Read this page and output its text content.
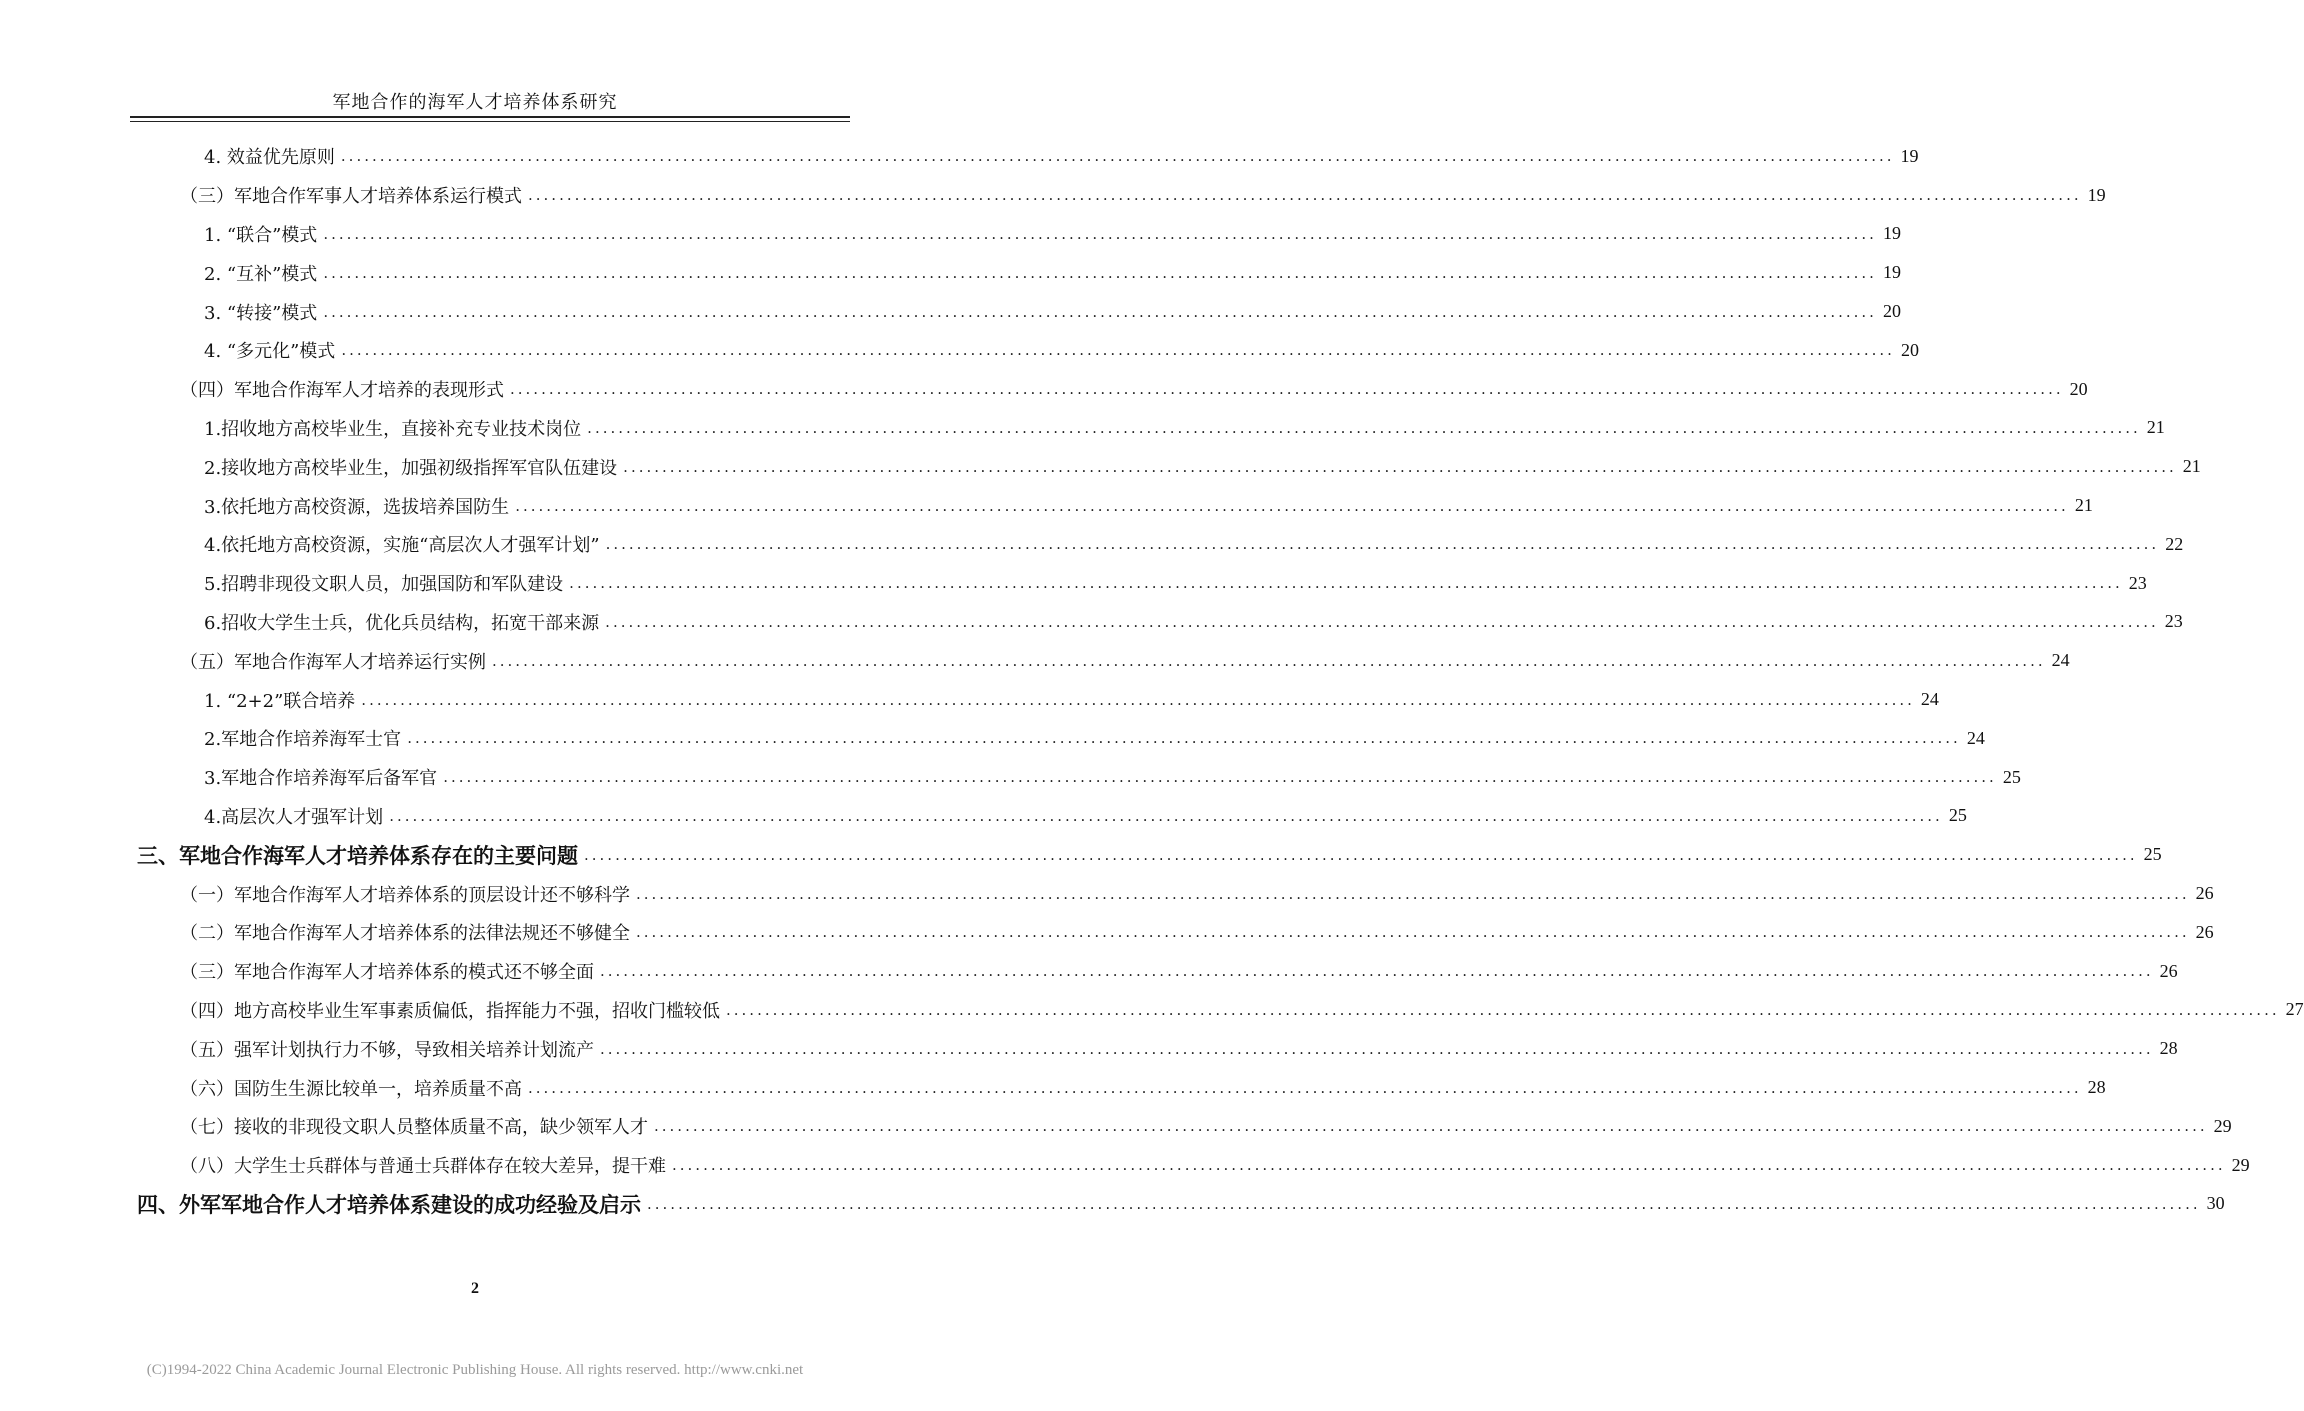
军地合作的海军人才培养体系研究
4. 效益优先原则 ........................................................................................................................................................................................................ 19
（三）军地合作军事人才培养体系运行模式 ........................................................................................................................................................................................................ 19
1. “联合”模式 ........................................................................................................................................................................................................ 19
2. “互补”模式 ........................................................................................................................................................................................................ 19
3. “转接”模式 ........................................................................................................................................................................................................ 20
4. “多元化”模式 ........................................................................................................................................................................................................ 20
（四）军地合作海军人才培养的表现形式 ........................................................................................................................................................................................................ 20
1.招收地方高校毕业生，直接补充专业技术岗位 ........................................................................................................................................................................................................ 21
2.接收地方高校毕业生，加强初级指挥军官队伍建设 ........................................................................................................................................................................................................ 21
3.依托地方高校资源，选拔培养国防生 ........................................................................................................................................................................................................ 21
4.依托地方高校资源，实施“高层次人才强军计划” ........................................................................................................................................................................................................ 22
5.招聘非现役文职人员，加强国防和军队建设 ........................................................................................................................................................................................................ 23
6.招收大学生士兵，优化兵员结构，拓宽干部来源 ........................................................................................................................................................................................................ 23
（五）军地合作海军人才培养运行实例 ........................................................................................................................................................................................................ 24
1. “2+2”联合培养 ........................................................................................................................................................................................................ 24
2.军地合作培养海军士官 ........................................................................................................................................................................................................ 24
3.军地合作培养海军后备军官 ........................................................................................................................................................................................................ 25
4.高层次人才强军计划 ........................................................................................................................................................................................................ 25
三、军地合作海军人才培养体系存在的主要问题 ........................................................................................................................................................................................................ 25
（一）军地合作海军人才培养体系的顶层设计还不够科学 ........................................................................................................................................................................................................ 26
（二）军地合作海军人才培养体系的法律法规还不够健全 ........................................................................................................................................................................................................ 26
（三）军地合作海军人才培养体系的模式还不够全面 ........................................................................................................................................................................................................ 26
（四）地方高校毕业生军事素质偏低，指挥能力不强，招收门槛较低 ........................................................................................................................................................................................................ 27
（五）强军计划执行力不够，导致相关培养计划流产 ........................................................................................................................................................................................................ 28
（六）国防生生源比较单一，培养质量不高 ........................................................................................................................................................................................................ 28
（七）接收的非现役文职人员整体质量不高，缺少领军人才 ........................................................................................................................................................................................................ 29
（八）大学生士兵群体与普通士兵群体存在较大差异，提干难 ........................................................................................................................................................................................................ 29
四、外军军地合作人才培养体系建设的成功经验及启示 ........................................................................................................................................................................................................ 30
2
(C)1994-2022 China Academic Journal Electronic Publishing House. All rights reserved. http://www.cnki.net
